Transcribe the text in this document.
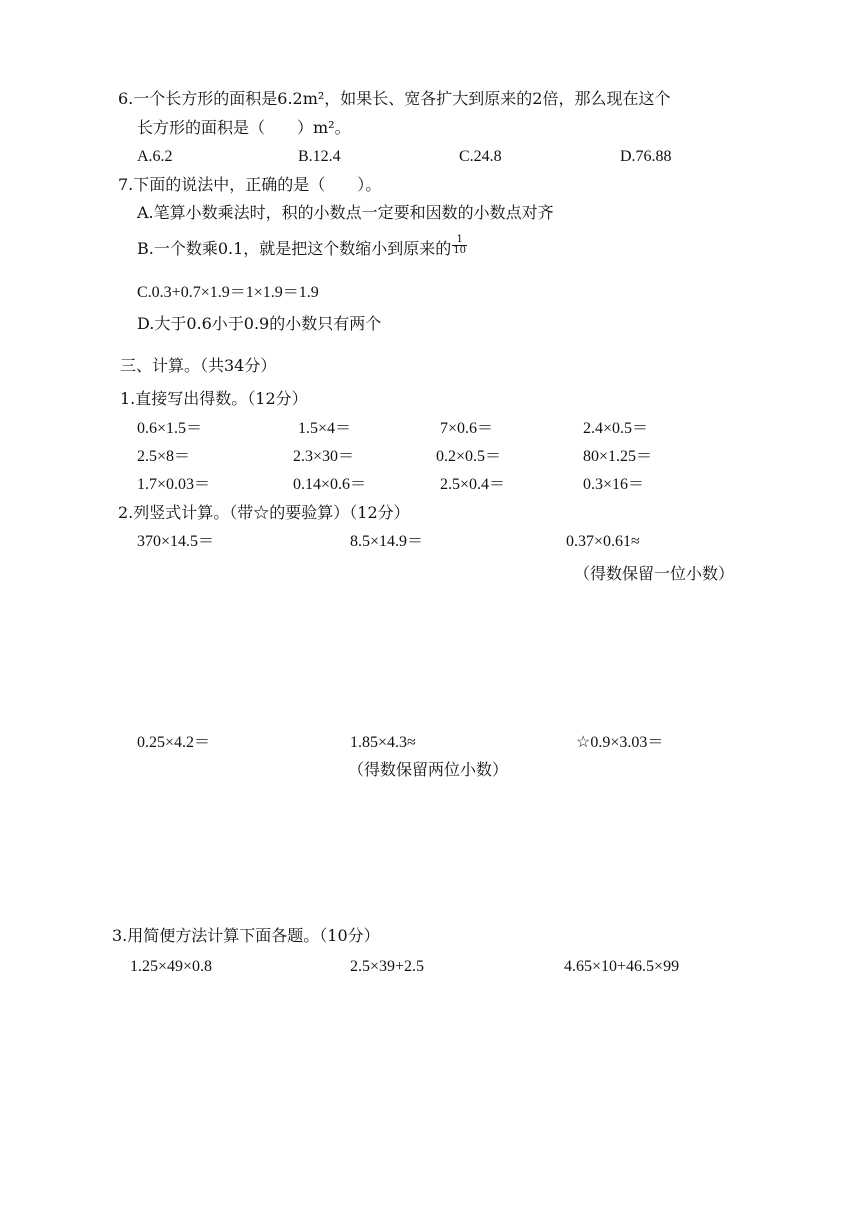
6.一个长方形的面积是6.2m²，如果长、宽各扩大到原来的2倍，那么现在这个
长方形的面积是（　　）m²。
A.6.2	B.12.4	C.24.8	D.76.88
7.下面的说法中，正确的是（　　）。
A.笔算小数乘法时，积的小数点一定要和因数的小数点对齐
B.一个数乘0.1，就是把这个数缩小到原来的 $\frac{1}{10}$
C.0.3+0.7×1.9＝1×1.9＝1.9
D.大于0.6小于0.9的小数只有两个
三、计算。（共34分）
1.直接写出得数。（12分）
0.6×1.5＝	1.5×4＝	7×0.6＝	2.4×0.5＝
2.5×8＝	2.3×30＝	0.2×0.5＝	80×1.25＝
1.7×0.03＝	0.14×0.6＝	2.5×0.4＝	0.3×16＝
2.列竖式计算。（带☆的要验算）（12分）
370×14.5＝	8.5×14.9＝	0.37×0.61≈
（得数保留一位小数）
0.25×4.2＝	1.85×4.3≈	☆0.9×3.03＝
（得数保留两位小数）
3.用简便方法计算下面各题。（10分）
1.25×49×0.8	2.5×39+2.5	4.65×10+46.5×99
